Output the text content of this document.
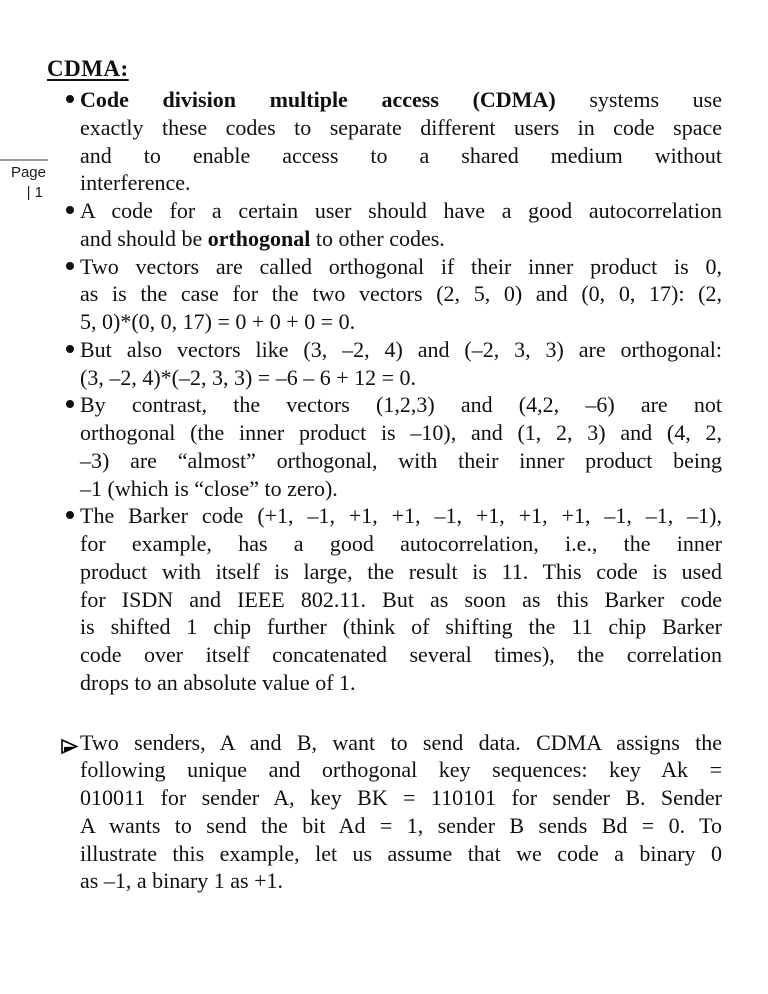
Page
| 1
CDMA:
Code division multiple access (CDMA) systems use
exactly these codes to separate different users in code space
and to enable access to a shared medium without
interference.
A code for a certain user should have a good autocorrelation
and should be orthogonal to other codes.
Two vectors are called orthogonal if their inner product is 0,
as is the case for the two vectors (2, 5, 0) and (0, 0, 17): (2,
5, 0)*(0, 0, 17) = 0 + 0 + 0 = 0.
But also vectors like (3, –2, 4) and (–2, 3, 3) are orthogonal:
(3, –2, 4)*(–2, 3, 3) = –6 – 6 + 12 = 0.
By contrast, the vectors (1,2,3) and (4,2, –6) are not
orthogonal (the inner product is –10), and (1, 2, 3) and (4, 2,
–3) are “almost” orthogonal, with their inner product being
–1 (which is “close” to zero).
The Barker code (+1, –1, +1, +1, –1, +1, +1, +1, –1, –1, –1),
for example, has a good autocorrelation, i.e., the inner
product with itself is large, the result is 11. This code is used
for ISDN and IEEE 802.11. But as soon as this Barker code
is shifted 1 chip further (think of shifting the 11 chip Barker
code over itself concatenated several times), the correlation
drops to an absolute value of 1.
Two senders, A and B, want to send data. CDMA assigns the
following unique and orthogonal key sequences: key Ak =
010011 for sender A, key BK = 110101 for sender B. Sender
A wants to send the bit Ad = 1, sender B sends Bd = 0. To
illustrate this example, let us assume that we code a binary 0
as –1, a binary 1 as +1.
